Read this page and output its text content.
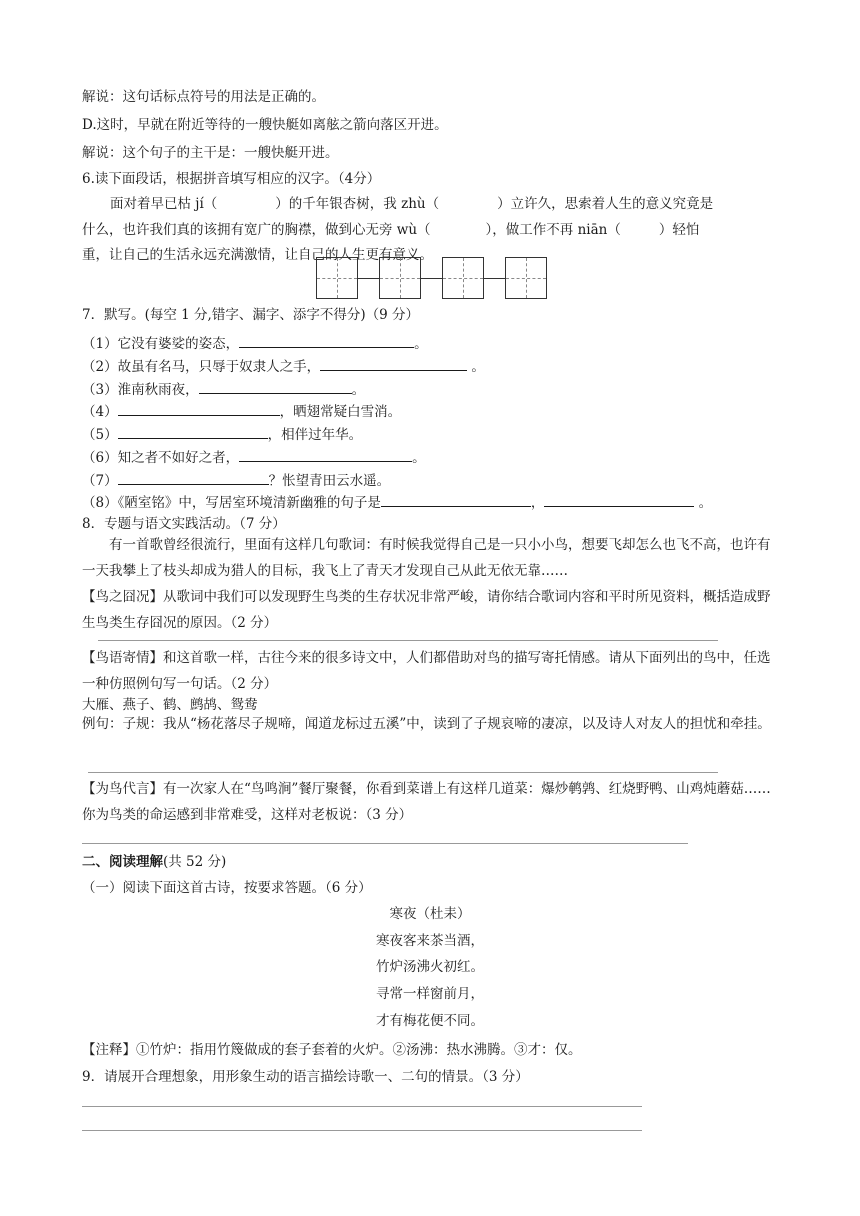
解说：这句话标点符号的用法是正确的。
D.这时，早就在附近等待的一艘快艇如离舷之箭向落区开进。
解说：这个句子的主干是：一艘快艇开进。
6.读下面段话，根据拼音填写相应的汉字。（4分）
面对着早已枯 jí（	）的千年银杏树，我 zhù（	）立许久，思索着人生的意义究竟是
什么，也许我们真的该拥有宽广的胸襟，做到心无旁 wù（	），做工作不再 niān（	）轻怕
重，让自己的生活永远充满激情，让自己的人生更有意义。
7．默写。(每空 1 分,错字、漏字、添字不得分)（9 分）
（1）它没有婆娑的姿态，	。
（2）故虽有名马，只辱于奴隶人之手，	。
（3）淮南秋雨夜，	。
（4）	，晒翅常疑白雪消。
（5）	，相伴过年华。
（6）知之者不如好之者，	。
（7）	？怅望青田云水遥。
（8）《陋室铭》中，写居室环境清新幽雅的句子是	，	。
8．专题与语文实践活动。（7 分）
有一首歌曾经很流行，里面有这样几句歌词：有时候我觉得自己是一只小小鸟，想要飞却怎么也飞不高，也许有一天我攀上了枝头却成为猎人的目标，我飞上了青天才发现自己从此无依无靠……
【鸟之囧况】从歌词中我们可以发现野生鸟类的生存状况非常严峻，请你结合歌词内容和平时所见资料，概括造成野生鸟类生存囧况的原因。（2 分）
【鸟语寄情】和这首歌一样，古往今来的很多诗文中，人们都借助对鸟的描写寄托情感。请从下面列出的鸟中，任选一种仿照例句写一句话。（2 分）
大雁、燕子、鹤、鹧鸪、鸳鸯
例句：子规：我从“杨花落尽子规啼，闻道龙标过五溪”中，读到了子规哀啼的凄凉，以及诗人对友人的担忧和牵挂。
【为鸟代言】有一次家人在“鸟鸣涧”餐厅聚餐，你看到菜谱上有这样几道菜：爆炒鹌鹑、红烧野鸭、山鸡炖蘑菇……你为鸟类的命运感到非常难受，这样对老板说：（3 分）
二、阅读理解(共 52 分)
（一）阅读下面这首古诗，按要求答题。（6 分）
寒夜（杜耒）
寒夜客来茶当酒，
竹炉汤沸火初红。
寻常一样窗前月，
才有梅花便不同。
【注释】①竹炉：指用竹篾做成的套子套着的火炉。②汤沸：热水沸腾。③才：仅。
9．请展开合理想象，用形象生动的语言描绘诗歌一、二句的情景。（3 分）
